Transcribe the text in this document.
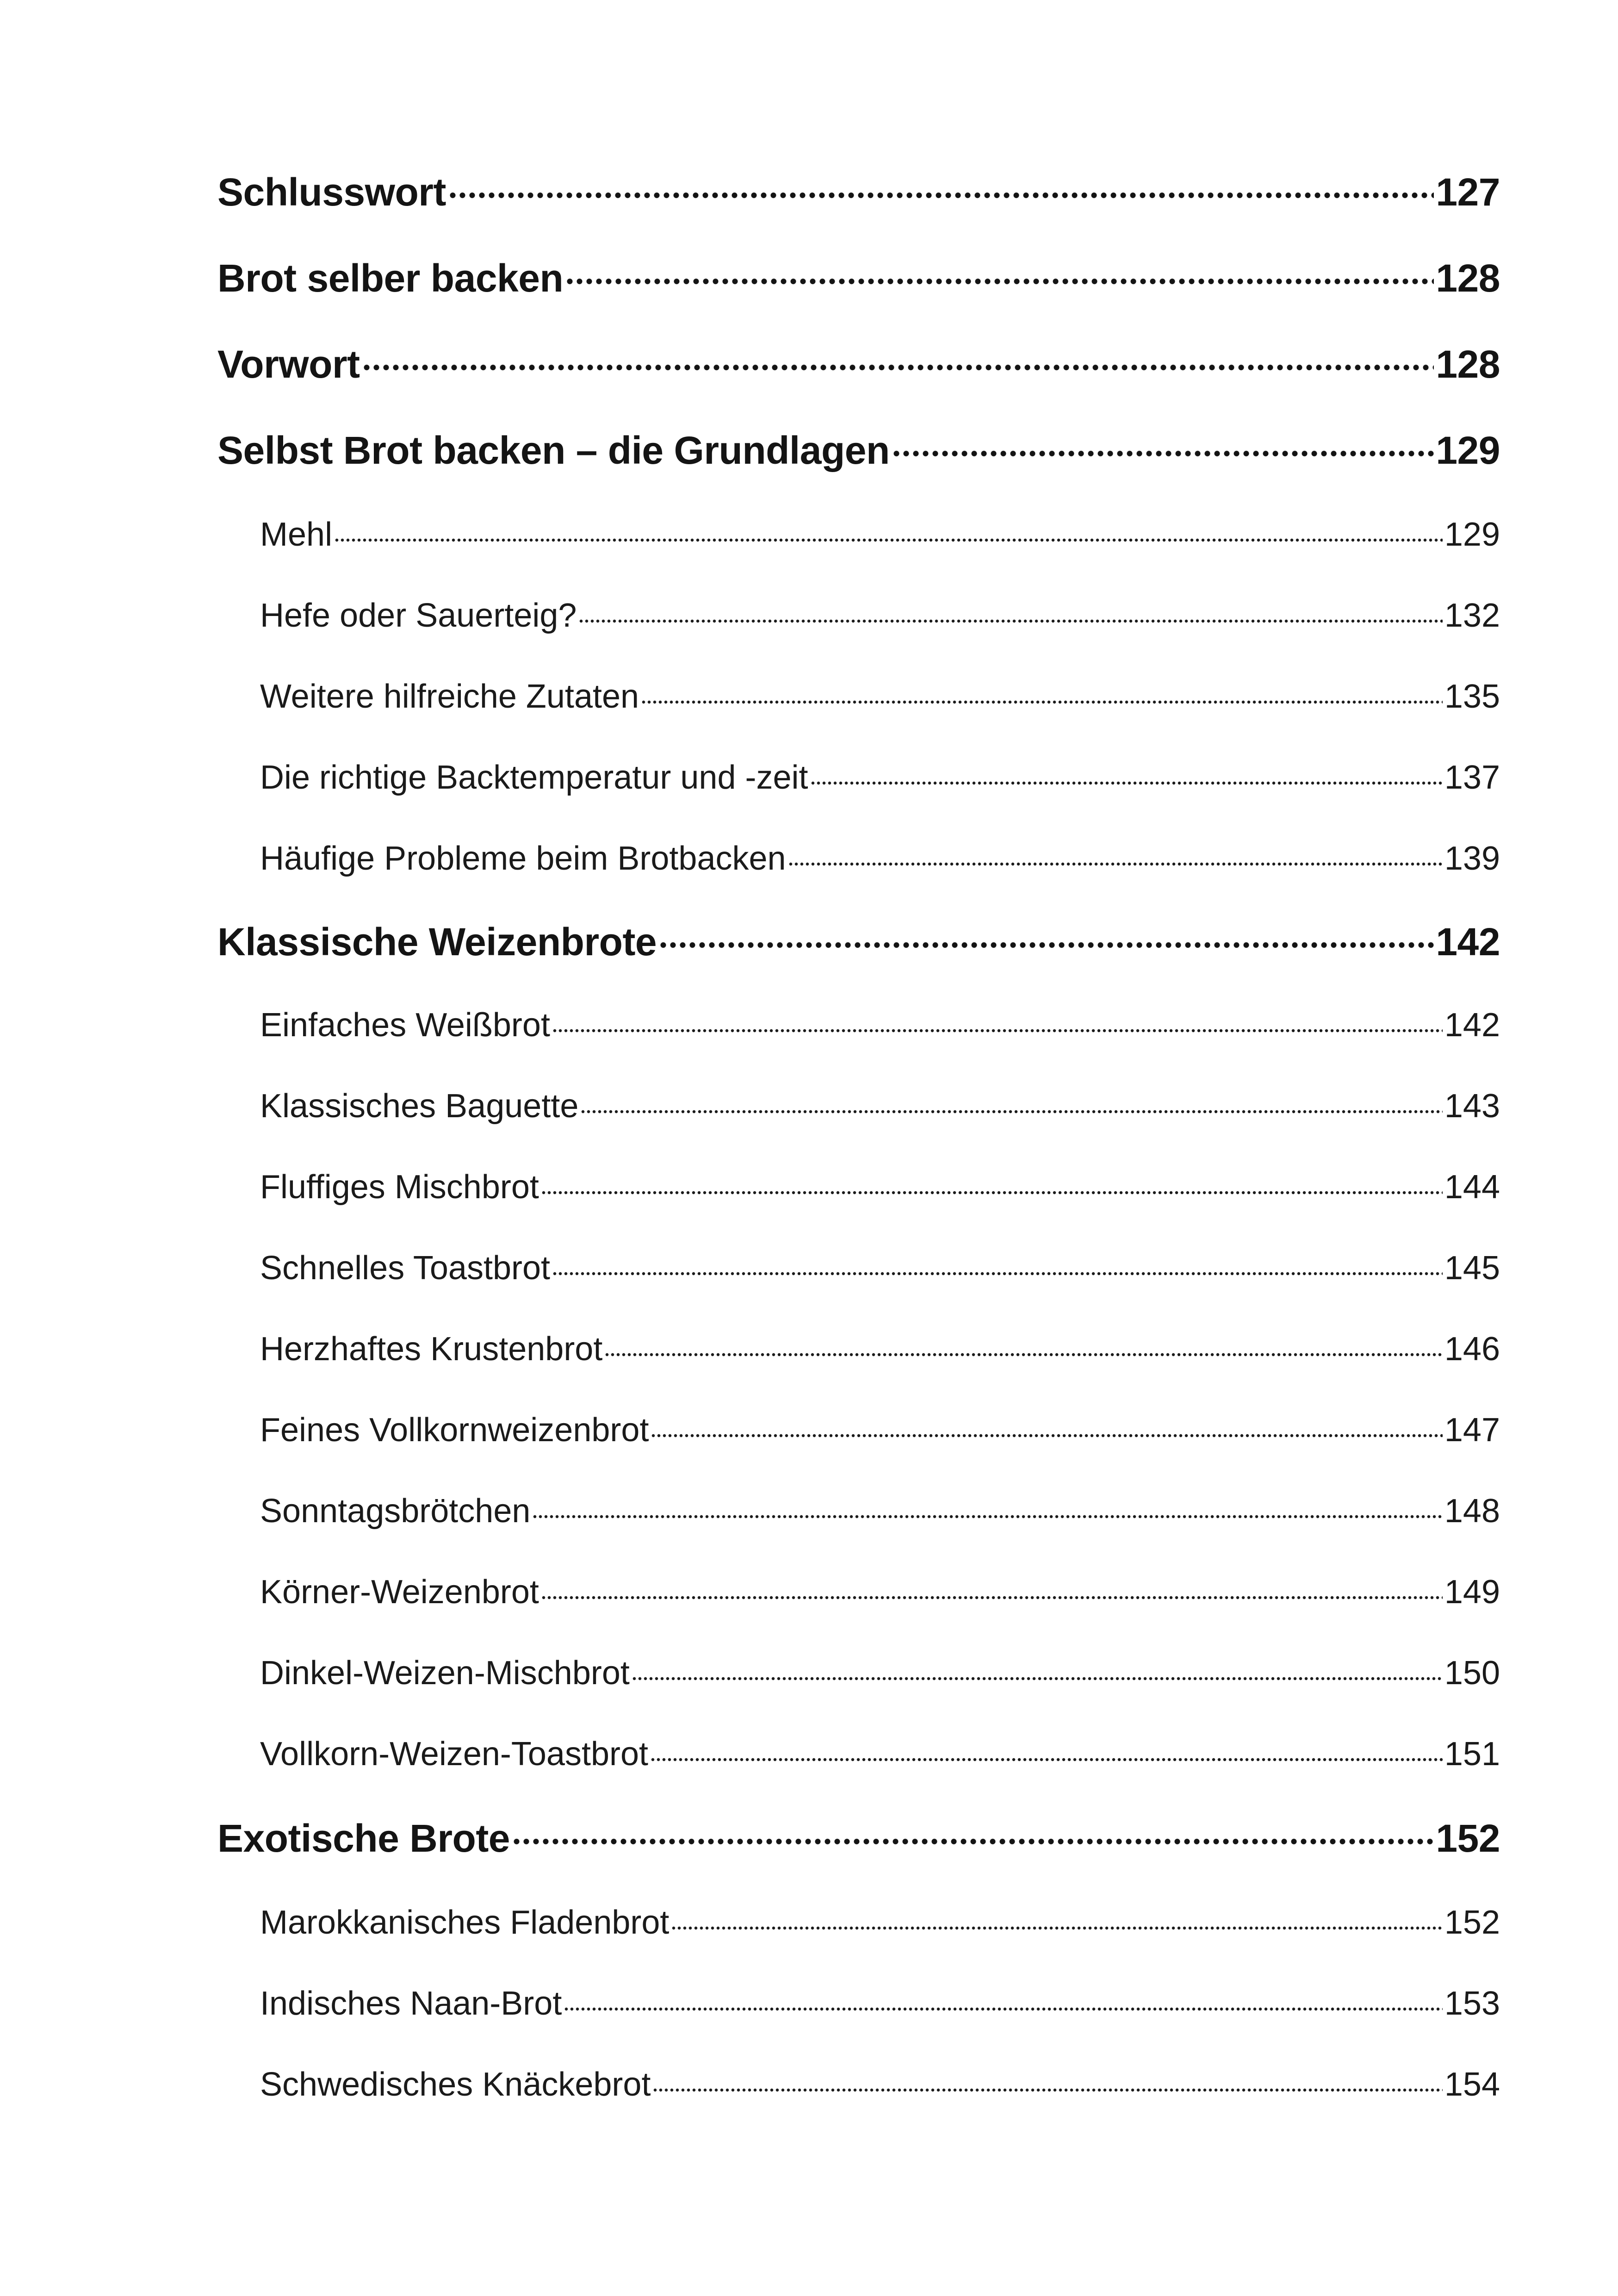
Schlusswort	127
Brot selber backen	128
Vorwort	128
Selbst Brot backen – die Grundlagen	129
Mehl	129
Hefe oder Sauerteig?	132
Weitere hilfreiche Zutaten	135
Die richtige Backtemperatur und -zeit	137
Häufige Probleme beim Brotbacken	139
Klassische Weizenbrote	142
Einfaches Weißbrot	142
Klassisches Baguette	143
Fluffiges Mischbrot	144
Schnelles Toastbrot	145
Herzhaftes Krustenbrot	146
Feines Vollkornweizenbrot	147
Sonntagsbrötchen	148
Körner-Weizenbrot	149
Dinkel-Weizen-Mischbrot	150
Vollkorn-Weizen-Toastbrot	151
Exotische Brote	152
Marokkanisches Fladenbrot	152
Indisches Naan-Brot	153
Schwedisches Knäckebrot	154
